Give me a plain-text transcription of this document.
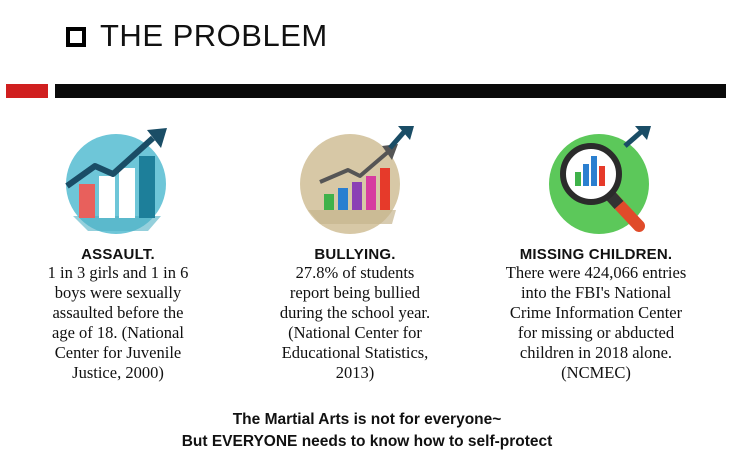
THE PROBLEM
ASSAULT.
1 in 3 girls and 1 in 6
boys were sexually
assaulted before the
age of 18. (National
Center for Juvenile
Justice, 2000)
BULLYING.
27.8% of students
report being bullied
during the school year.
(National Center for
Educational Statistics,
2013)
MISSING CHILDREN.
There were 424,066 entries
into the FBI's National
Crime Information Center
for missing or abducted
children in 2018 alone.
(NCMEC)
The Martial Arts is not for everyone~
But EVERYONE needs to know how to self-protect
